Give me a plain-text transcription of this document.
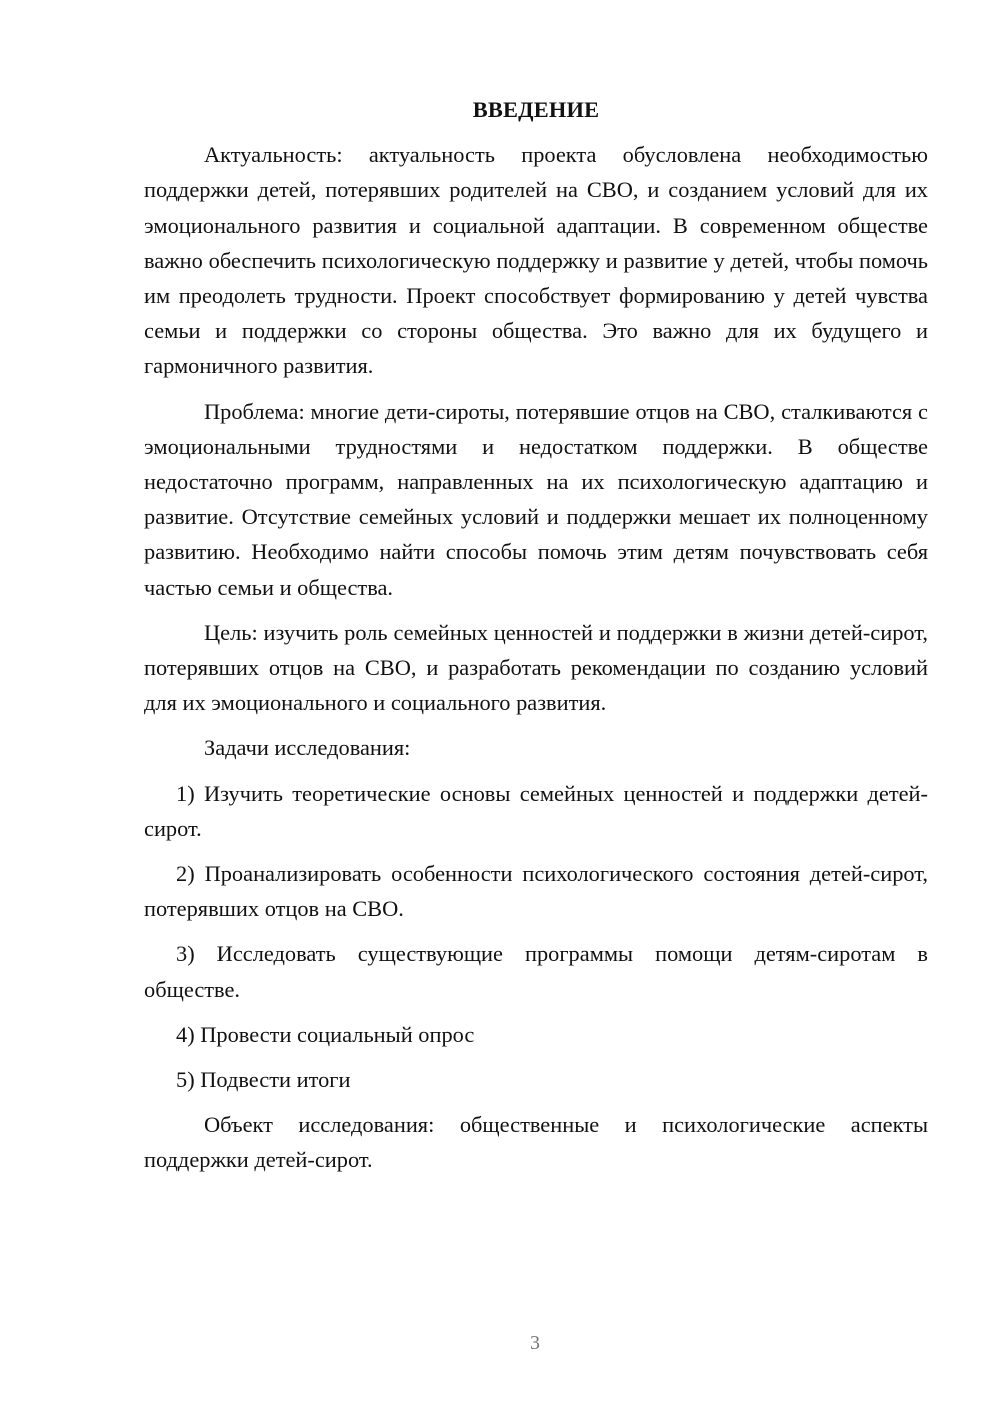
ВВЕДЕНИЕ

Актуальность: актуальность проекта обусловлена необходимостью поддержки детей, потерявших родителей на СВО, и созданием условий для их эмоционального развития и социальной адаптации. В современном обществе важно обеспечить психологическую поддержку и развитие у детей, чтобы помочь им преодолеть трудности. Проект способствует формированию у детей чувства семьи и поддержки со стороны общества. Это важно для их будущего и гармоничного развития.

Проблема: многие дети-сироты, потерявшие отцов на СВО, сталкиваются с эмоциональными трудностями и недостатком поддержки. В обществе недостаточно программ, направленных на их психологическую адаптацию и развитие. Отсутствие семейных условий и поддержки мешает их полноценному развитию. Необходимо найти способы помочь этим детям почувствовать себя частью семьи и общества.

Цель: изучить роль семейных ценностей и поддержки в жизни детей-сирот, потерявших отцов на СВО, и разработать рекомендации по созданию условий для их эмоционального и социального развития.

Задачи исследования:

1) Изучить теоретические основы семейных ценностей и поддержки детей-сирот.

2) Проанализировать особенности психологического состояния детей-сирот, потерявших отцов на СВО.

3) Исследовать существующие программы помощи детям-сиротам в обществе.

4) Провести социальный опрос

5) Подвести итоги

Объект исследования: общественные и психологические аспекты поддержки детей-сирот.

3
